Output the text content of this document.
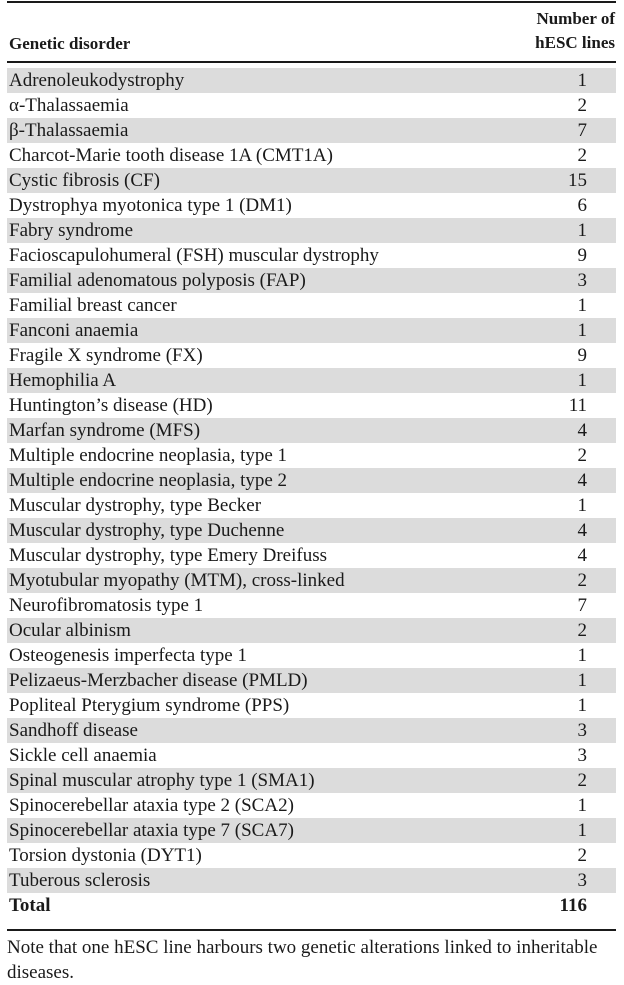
Genetic disorder
Number of
hESC lines
Adrenoleukodystrophy	1
α-Thalassaemia	2
β-Thalassaemia	7
Charcot-Marie tooth disease 1A (CMT1A)	2
Cystic fibrosis (CF)	15
Dystrophya myotonica type 1 (DM1)	6
Fabry syndrome	1
Facioscapulohumeral (FSH) muscular dystrophy	9
Familial adenomatous polyposis (FAP)	3
Familial breast cancer	1
Fanconi anaemia	1
Fragile X syndrome (FX)	9
Hemophilia A	1
Huntington’s disease (HD)	11
Marfan syndrome (MFS)	4
Multiple endocrine neoplasia, type 1	2
Multiple endocrine neoplasia, type 2	4
Muscular dystrophy, type Becker	1
Muscular dystrophy, type Duchenne	4
Muscular dystrophy, type Emery Dreifuss	4
Myotubular myopathy (MTM), cross-linked	2
Neurofibromatosis type 1	7
Ocular albinism	2
Osteogenesis imperfecta type 1	1
Pelizaeus-Merzbacher disease (PMLD)	1
Popliteal Pterygium syndrome (PPS)	1
Sandhoff disease	3
Sickle cell anaemia	3
Spinal muscular atrophy type 1 (SMA1)	2
Spinocerebellar ataxia type 2 (SCA2)	1
Spinocerebellar ataxia type 7 (SCA7)	1
Torsion dystonia (DYT1)	2
Tuberous sclerosis	3
Total	116
Note that one hESC line harbours two genetic alterations linked to inheritable diseases.
